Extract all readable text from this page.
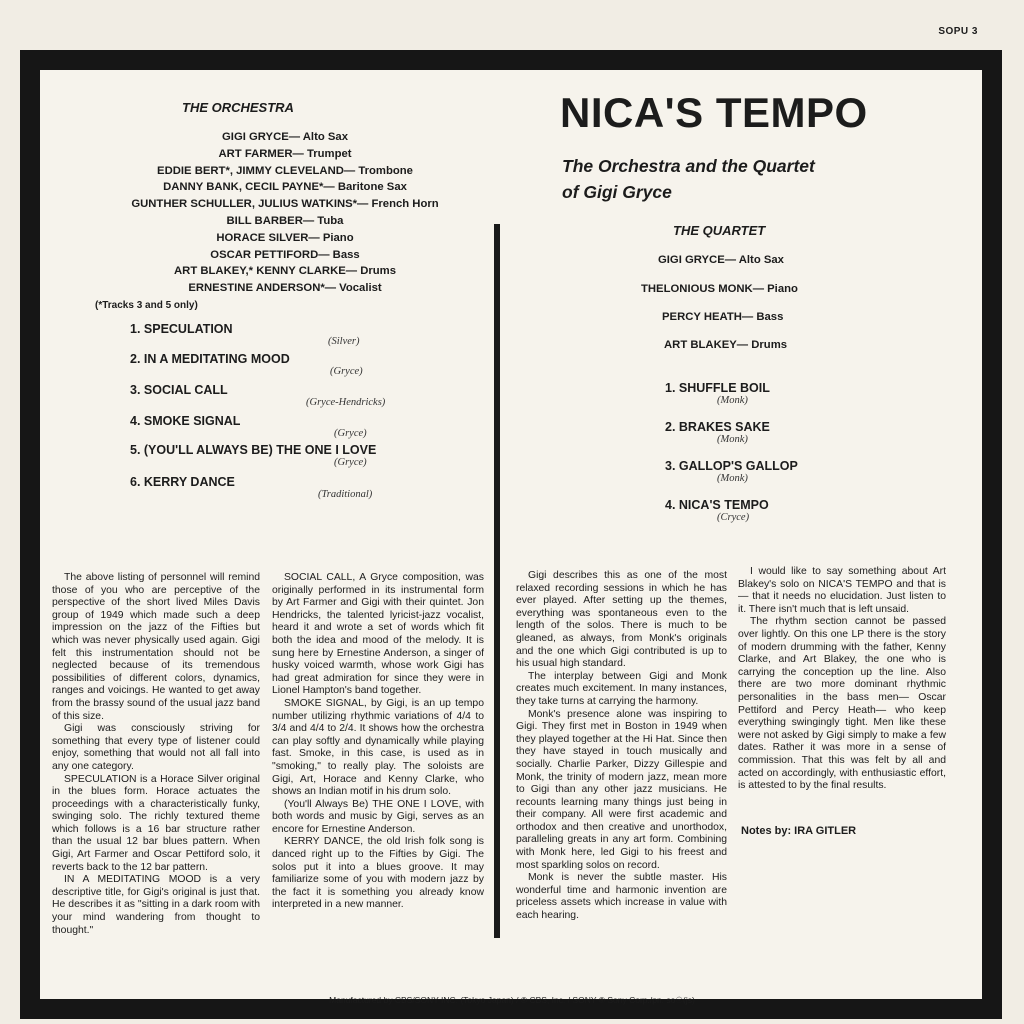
SOPU 3
THE ORCHESTRA
GIGI GRYCE— Alto Sax
ART FARMER— Trumpet
EDDIE BERT*, JIMMY CLEVELAND— Trombone
DANNY BANK, CECIL PAYNE*— Baritone Sax
GUNTHER SCHULLER, JULIUS WATKINS*— French Horn
BILL BARBER— Tuba
HORACE SILVER— Piano
OSCAR PETTIFORD— Bass
ART BLAKEY,* KENNY CLARKE— Drums
ERNESTINE ANDERSON*— Vocalist
(*Tracks 3 and 5 only)
1. SPECULATION
(Silver)
2. IN A MEDITATING MOOD
(Gryce)
3. SOCIAL CALL
(Gryce-Hendricks)
4. SMOKE SIGNAL
(Gryce)
5. (YOU'LL ALWAYS BE) THE ONE I LOVE
(Gryce)
6. KERRY DANCE
(Traditional)
NICA'S TEMPO
The Orchestra and the Quartet
of Gigi Gryce
THE QUARTET
GIGI GRYCE— Alto Sax
THELONIOUS MONK— Piano
PERCY HEATH— Bass
ART BLAKEY— Drums
1. SHUFFLE BOIL
(Monk)
2. BRAKES SAKE
(Monk)
3. GALLOP'S GALLOP
(Monk)
4. NICA'S TEMPO
(Cryce)

The above listing of personnel will remind those of you who are perceptive of the perspective of the short lived Miles Davis group of 1949 which made such a deep impression on the jazz of the Fifties but which was never physically used again. Gigi felt this instrumentation should not be neglected because of its tremendous possibilities of different colors, dynamics, ranges and voicings. He wanted to get away from the brassy sound of the usual jazz band of this size.

Gigi was consciously striving for something that every type of listener could enjoy, something that would not all fall into any one category.

SPECULATION is a Horace Silver original in the blues form. Horace actuates the proceedings with a characteristically funky, swinging solo. The richly textured theme which follows is a 16 bar structure rather than the usual 12 bar blues pattern. When Gigi, Art Farmer and Oscar Pettiford solo, it reverts back to the 12 bar pattern.

IN A MEDITATING MOOD is a very descriptive title, for Gigi's original is just that. He describes it as "sitting in a dark room with your mind wandering from thought to thought."

SOCIAL CALL, A Gryce composition, was originally performed in its instrumental form by Art Farmer and Gigi with their quintet. Jon Hendricks, the talented lyricist-jazz vocalist, heard it and wrote a set of words which fit both the idea and mood of the melody. It is sung here by Ernestine Anderson, a singer of husky voiced warmth, whose work Gigi has had great admiration for since they were in Lionel Hampton's band together.

SMOKE SIGNAL, by Gigi, is an up tempo number utilizing rhythmic variations of 4/4 to 3/4 and 4/4 to 2/4. It shows how the orchestra can play softly and dynamically while playing fast. Smoke, in this case, is used as in "smoking," to really play. The soloists are Gigi, Art, Horace and Kenny Clarke, who shows an Indian motif in his drum solo.

(You'll Always Be) THE ONE I LOVE, with both words and music by Gigi, serves as an encore for Ernestine Anderson.

KERRY DANCE, the old Irish folk song is danced right up to the Fifties by Gigi. The solos put it into a blues groove. It may familiarize some of you with modern jazz by the fact it is something you already know interpreted in a new manner.

Gigi describes this as one of the most relaxed recording sessions in which he has ever played. After setting up the themes, everything was spontaneous even to the length of the solos. There is much to be gleaned, as always, from Monk's originals and the one which Gigi contributed is up to his usual high standard.

The interplay between Gigi and Monk creates much excitement. In many instances, they take turns at carrying the harmony.

Monk's presence alone was inspiring to Gigi. They first met in Boston in 1949 when they played together at the Hi Hat. Since then they have stayed in touch musically and socially. Charlie Parker, Dizzy Gillespie and Monk, the trinity of modern jazz, mean more to Gigi than any other jazz musicians. He recounts learning many things just being in their company. All were first academic and orthodox and then creative and unorthodox, paralleling greats in any art form. Combining with Monk here, led Gigi to his freest and most sparkling solos on record.

Monk is never the subtle master. His wonderful time and harmonic invention are priceless assets which increase in value with each hearing.

I would like to say something about Art Blakey's solo on NICA'S TEMPO and that is— that it needs no elucidation. Just listen to it. There isn't much that is left unsaid.

The rhythm section cannot be passed over lightly. On this one LP there is the story of modern drumming with the father, Kenny Clarke, and Art Blakey, the one who is carrying the conception up the line. Also there are two more dominant rhythmic personalities in the bass men— Oscar Pettiford and Percy Heath— who keep everything swingingly tight. Men like these were not asked by Gigi simply to make a few dates. Rather it was more in a sense of commission. That this was felt by all and acted on accordingly, with enthusiastic effort, is attested to by the final results.

Notes by: IRA GITLER
Manufactured by CBS/SONY INC. (Tokyo Japan) / ® CBS, Inc. / SONY ® Sony Corp./pn. so☉(js)
